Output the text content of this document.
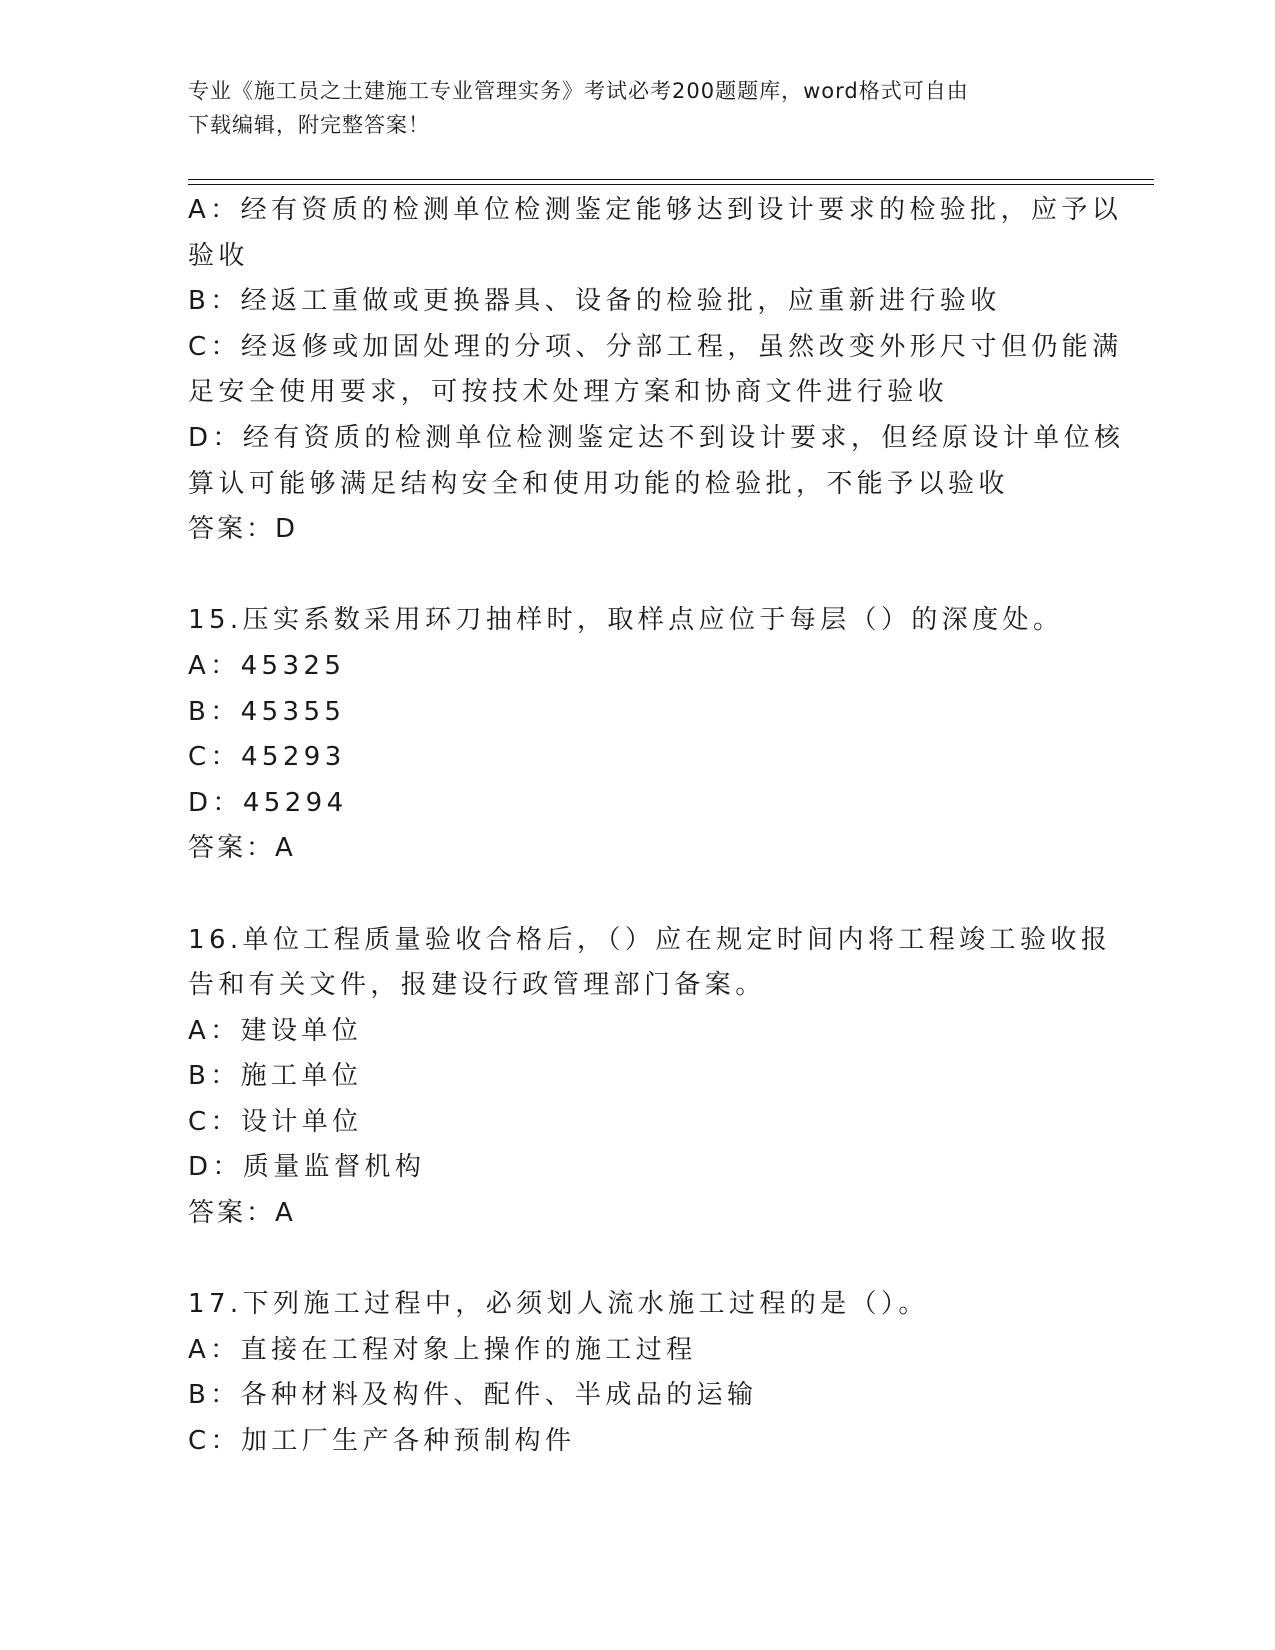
专业《施工员之土建施工专业管理实务》考试必考200题题库，word格式可自由
下载编辑，附完整答案！
A：经有资质的检测单位检测鉴定能够达到设计要求的检验批，应予以
验收
B：经返工重做或更换器具、设备的检验批，应重新进行验收
C：经返修或加固处理的分项、分部工程，虽然改变外形尺寸但仍能满
足安全使用要求，可按技术处理方案和协商文件进行验收
D：经有资质的检测单位检测鉴定达不到设计要求，但经原设计单位核
算认可能够满足结构安全和使用功能的检验批，不能予以验收
答案：D
15.压实系数采用环刀抽样时，取样点应位于每层（）的深度处。
A：45325
B：45355
C：45293
D：45294
答案：A
16.单位工程质量验收合格后，（）应在规定时间内将工程竣工验收报
告和有关文件，报建设行政管理部门备案。
A：建设单位
B：施工单位
C：设计单位
D：质量监督机构
答案：A
17.下列施工过程中，必须划人流水施工过程的是（）。
A：直接在工程对象上操作的施工过程
B：各种材料及构件、配件、半成品的运输
C：加工厂生产各种预制构件
